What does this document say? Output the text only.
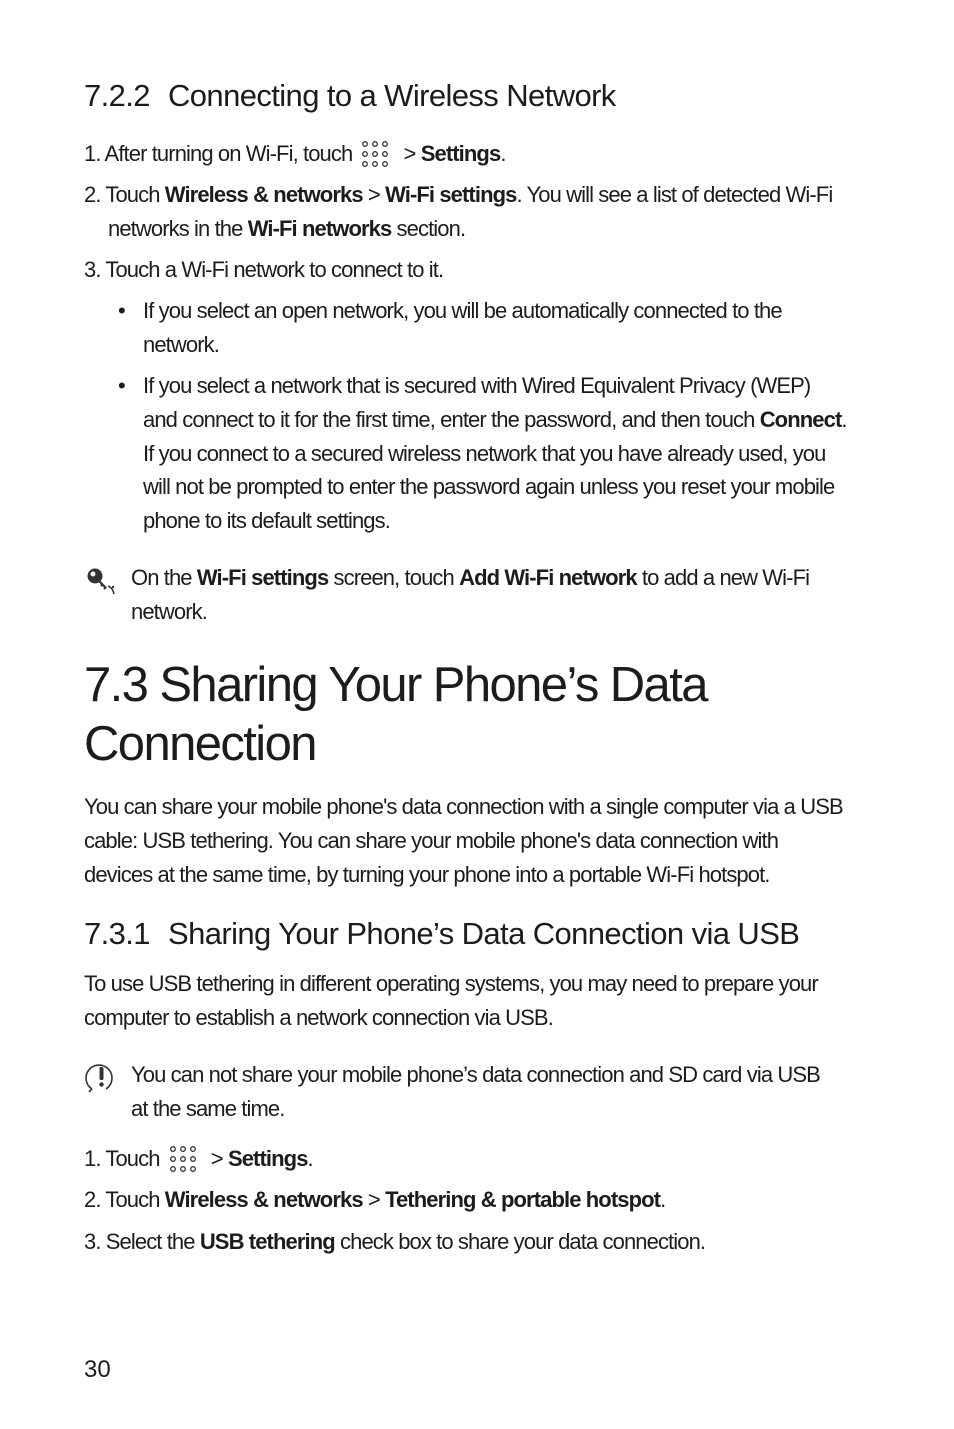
7.2.2 Connecting to a Wireless Network
1. After turning on Wi-Fi, touch > Settings.
2. Touch Wireless & networks > Wi-Fi settings. You will see a list of detected Wi-Fi
networks in the Wi-Fi networks section.
3. Touch a Wi-Fi network to connect to it.
• If you select an open network, you will be automatically connected to the
network.
• If you select a network that is secured with Wired Equivalent Privacy (WEP)
and connect to it for the first time, enter the password, and then touch Connect.
If you connect to a secured wireless network that you have already used, you
will not be prompted to enter the password again unless you reset your mobile
phone to its default settings.
On the Wi-Fi settings screen, touch Add Wi-Fi network to add a new Wi-Fi
network.
7.3 Sharing Your Phone’s Data
Connection
You can share your mobile phone's data connection with a single computer via a USB
cable: USB tethering. You can share your mobile phone's data connection with
devices at the same time, by turning your phone into a portable Wi-Fi hotspot.
7.3.1 Sharing Your Phone’s Data Connection via USB
To use USB tethering in different operating systems, you may need to prepare your
computer to establish a network connection via USB.
You can not share your mobile phone’s data connection and SD card via USB
at the same time.
1. Touch > Settings.
2. Touch Wireless & networks > Tethering & portable hotspot.
3. Select the USB tethering check box to share your data connection.
30
